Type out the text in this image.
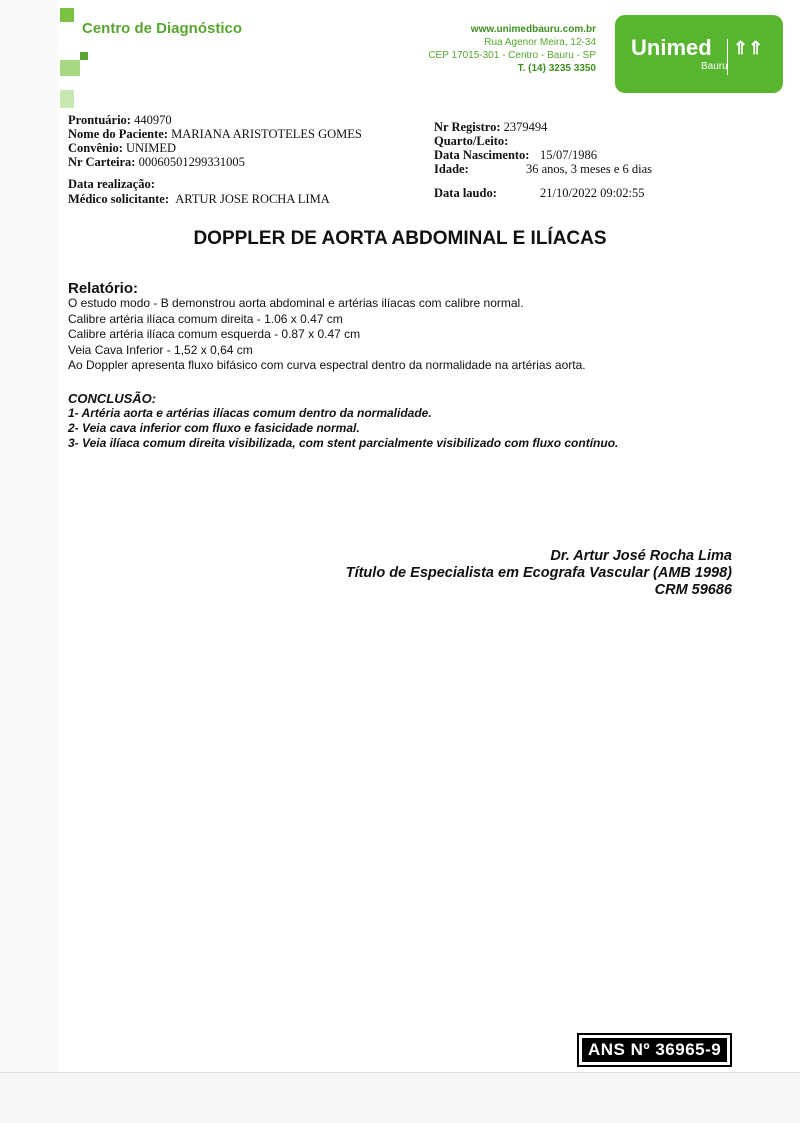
Centro de Diagnóstico	www.unimedbauru.com.br
Rua Agenor Meira, 12-34
CEP 17015-301 - Centro - Bauru - SP
T. (14) 3235 3350
Unimed ⇑⇑
Bauru
Prontuário: 440970
Nome do Paciente: MARIANA ARISTOTELES GOMES
Convênio: UNIMED
Nr Carteira: 00060501299331005
Data realização:
Médico solicitante: ARTUR JOSE ROCHA LIMA
Nr Registro: 2379494
Quarto/Leito:
Data Nascimento: 15/07/1986
Idade:	36 anos, 3 meses e 6 dias
Data laudo:	21/10/2022 09:02:55
DOPPLER DE AORTA ABDOMINAL E ILÍACAS
Relatório:
O estudo modo - B demonstrou aorta abdominal e artérias ilíacas com calibre normal.
Calibre artéria ilíaca comum direita - 1.06 x 0.47 cm
Calibre artéria ilíaca comum esquerda - 0.87 x 0.47 cm
Veia Cava Inferior - 1,52 x 0,64 cm
Ao Doppler apresenta fluxo bifásico com curva espectral dentro da normalidade na artérias aorta.
CONCLUSÃO:
1- Artéria aorta e artérias ilíacas comum dentro da normalidade.
2- Veia cava inferior com fluxo e fasicidade normal.
3- Veia ilíaca comum direita visibilizada, com stent parcialmente visibilizado com fluxo contínuo.
Dr. Artur José Rocha Lima
Título de Especialista em Ecografa Vascular (AMB 1998)
CRM 59686
ANS Nº 36965-9
